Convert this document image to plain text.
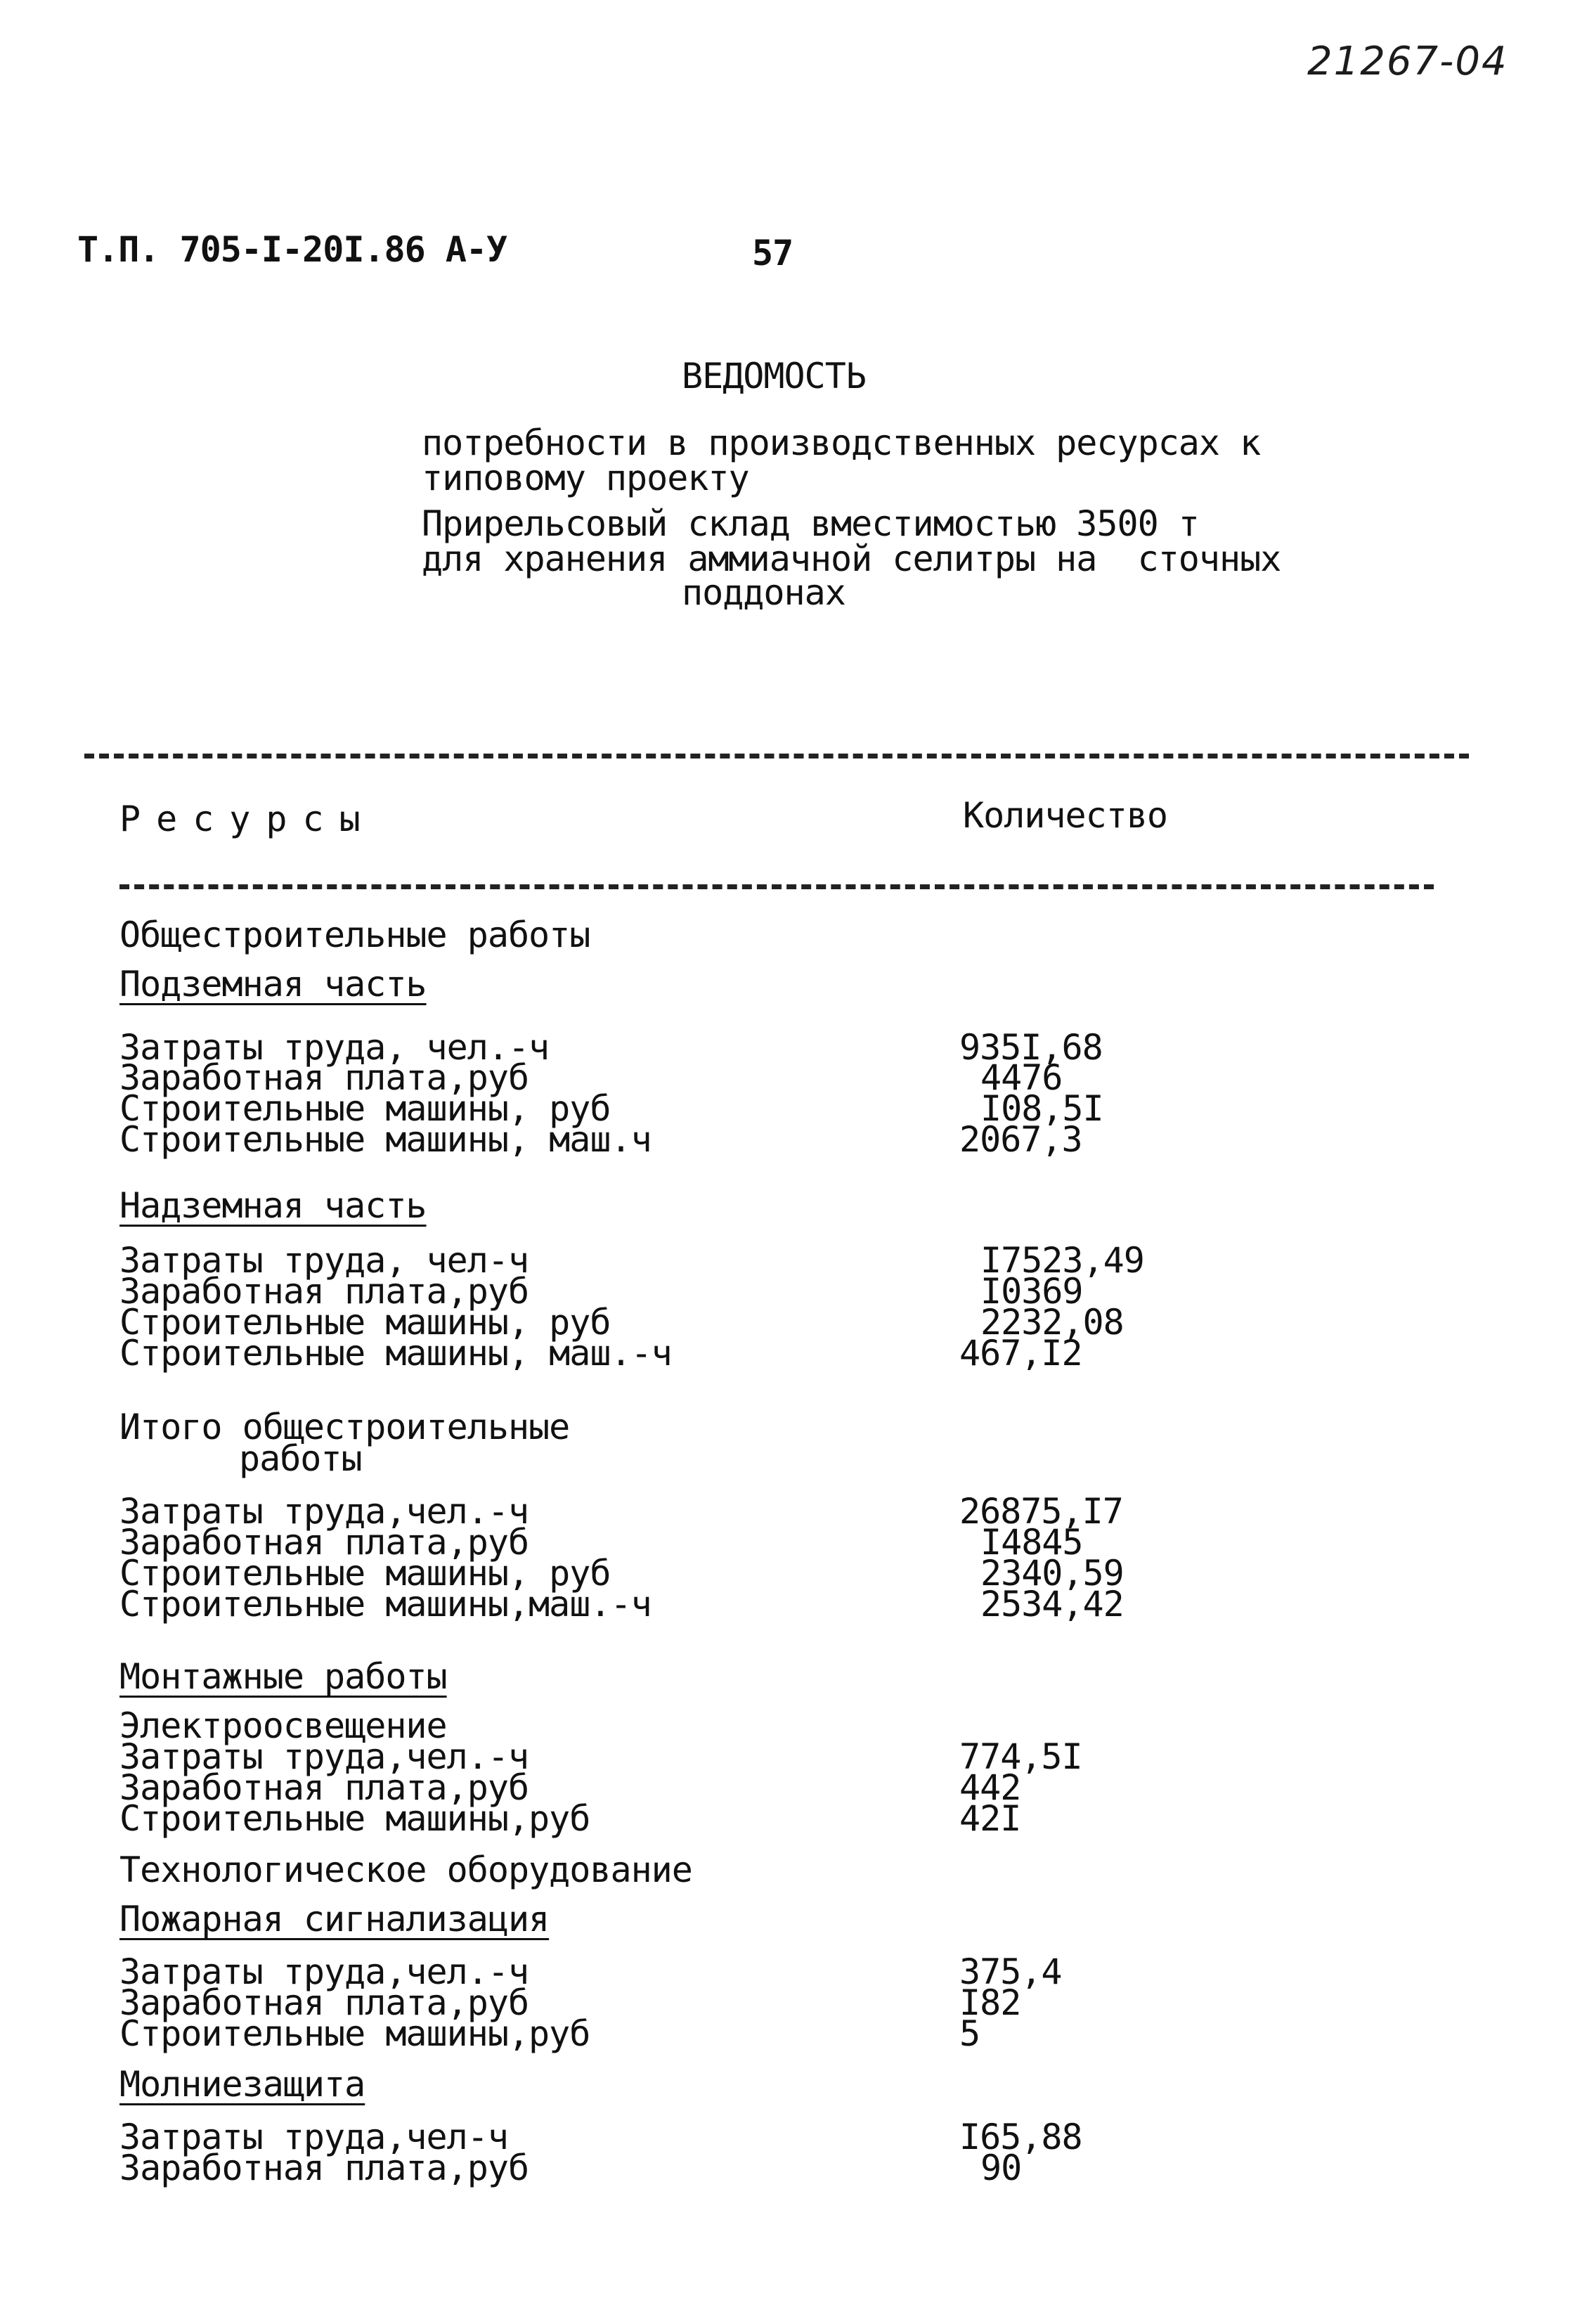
21267-04
Т.П. 705-I-20I.86 А-У	57
ВЕДОМОСТЬ
потребности в производственных ресурсах к
типовому проекту
Прирельсовый склад вместимостью 3500 т
для хранения аммиачной селитры на  сточных
поддонах
Ресурсы	Количество
Общестроительные работы
Подземная часть
Затраты труда, чел.-ч	935I,68
Заработная плата,руб	4476
Строительные машины, руб	I08,5I
Строительные машины, маш.ч	2067,3
Надземная часть
Затраты труда, чел-ч	I7523,49
Заработная плата,руб	I0369
Строительные машины, руб	2232,08
Строительные машины, маш.-ч	467,I2
Итого общестроительные
работы
Затраты труда,чел.-ч	26875,I7
Заработная плата,руб	I4845
Строительные машины, руб	2340,59
Строительные машины,маш.-ч	2534,42
Монтажные работы
Электроосвещение
Затраты труда,чел.-ч	774,5I
Заработная плата,руб	442
Строительные машины,руб	42I
Технологическое оборудование
Пожарная сигнализация
Затраты труда,чел.-ч	375,4
Заработная плата,руб	I82
Строительные машины,руб	5
Молниезащита
Затраты труда,чел-ч	I65,88
Заработная плата,руб	90
